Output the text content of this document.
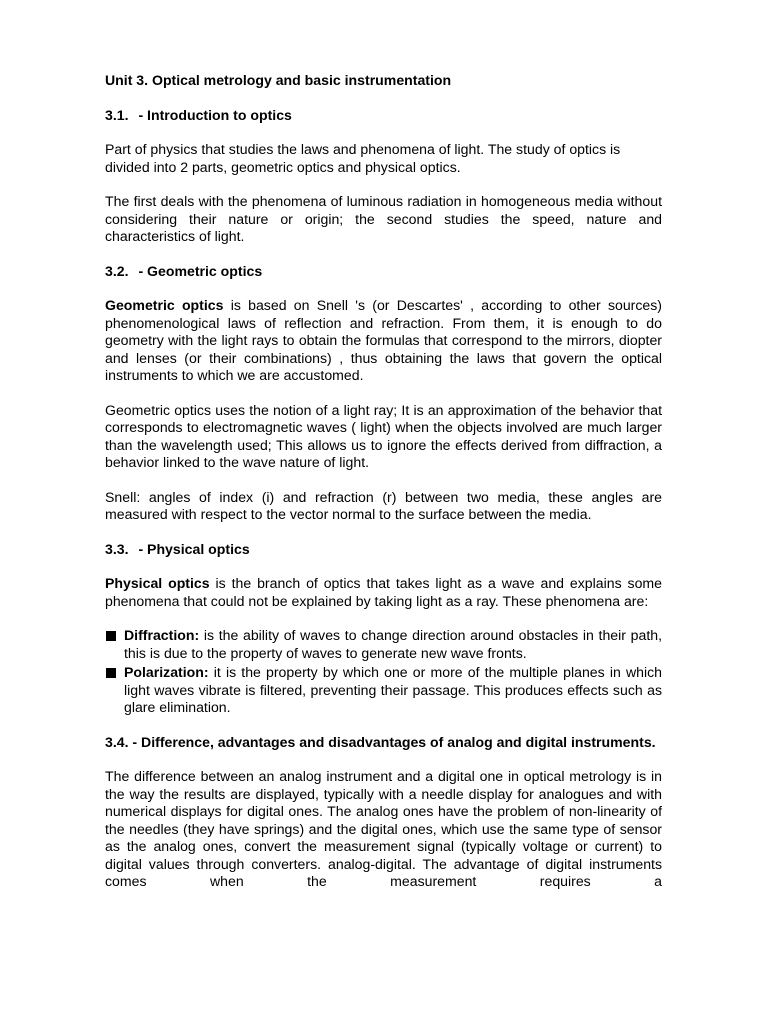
Unit 3. Optical metrology and basic instrumentation
3.1. - Introduction to optics

Part of physics that studies the laws and phenomena of light. The study of optics is divided into 2 parts, geometric optics and physical optics.

The first deals with the phenomena of luminous radiation in homogeneous media without considering their nature or origin; the second studies the speed, nature and characteristics of light.

3.2. - Geometric optics

Geometric optics is based on Snell 's (or Descartes' , according to other sources) phenomenological laws of reflection and refraction. From them, it is enough to do geometry with the light rays to obtain the formulas that correspond to the mirrors, diopter and lenses (or their combinations) , thus obtaining the laws that govern the optical instruments to which we are accustomed.

Geometric optics uses the notion of a light ray; It is an approximation of the behavior that corresponds to electromagnetic waves ( light) when the objects involved are much larger than the wavelength used; This allows us to ignore the effects derived from diffraction, a behavior linked to the wave nature of light.

Snell: angles of index (i) and refraction (r) between two media, these angles are measured with respect to the vector normal to the surface between the media.

3.3. - Physical optics

Physical optics is the branch of optics that takes light as a wave and explains some phenomena that could not be explained by taking light as a ray. These phenomena are:

Diffraction: is the ability of waves to change direction around obstacles in their path, this is due to the property of waves to generate new wave fronts.
Polarization: it is the property by which one or more of the multiple planes in which light waves vibrate is filtered, preventing their passage. This produces effects such as glare elimination.
3.4. - Difference, advantages and disadvantages of analog and digital instruments.

The difference between an analog instrument and a digital one in optical metrology is in the way the results are displayed, typically with a needle display for analogues and with numerical displays for digital ones. The analog ones have the problem of non-linearity of the needles (they have springs) and the digital ones, which use the same type of sensor as the analog ones, convert the measurement signal (typically voltage or current) to digital values through converters. analog-digital. The advantage of digital instruments comes when the measurement requires a
